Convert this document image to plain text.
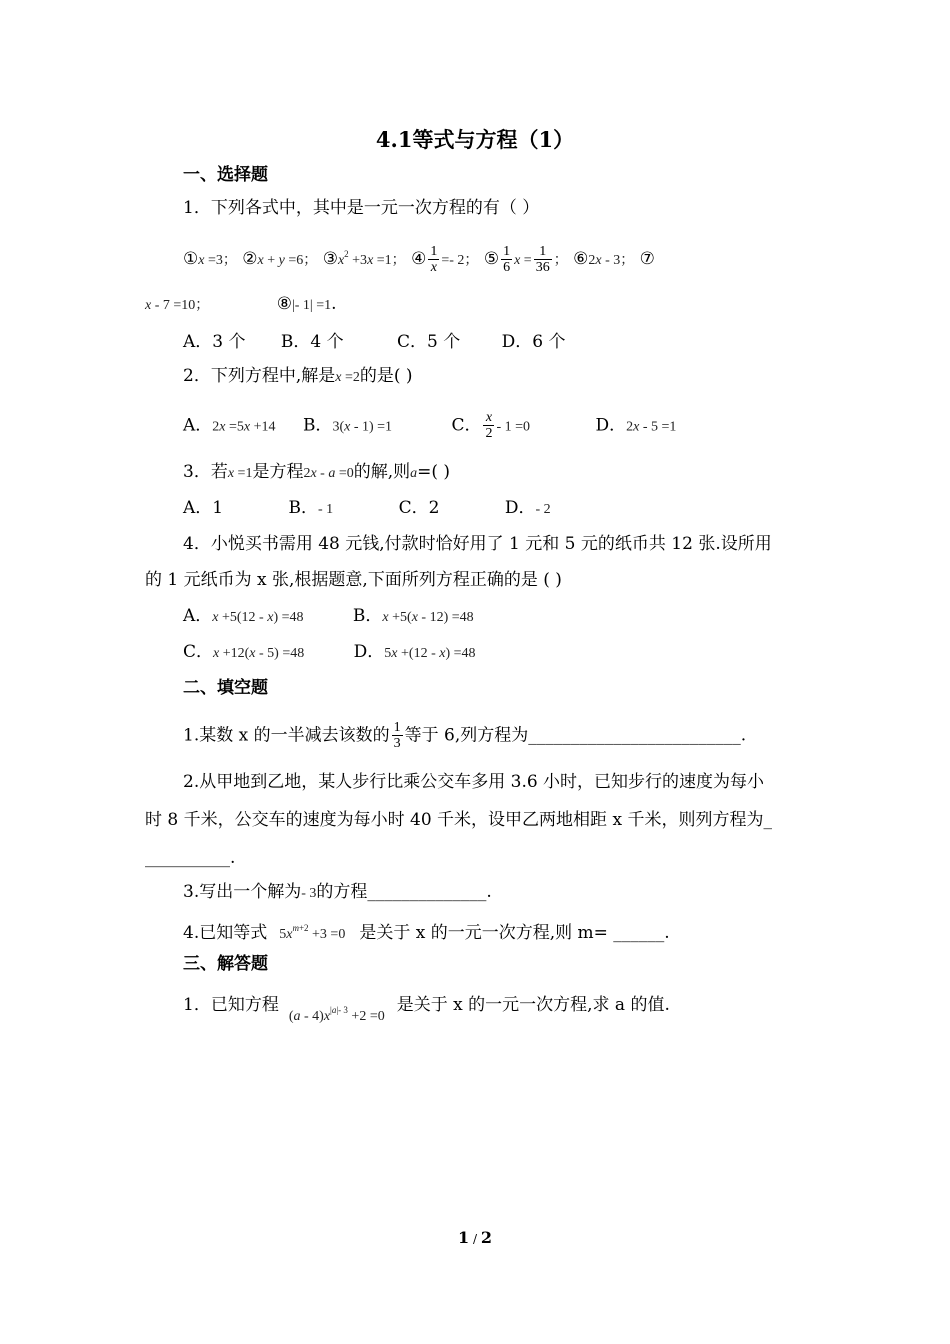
4.1等式与方程（1）
一、选择题
1．下列各式中，其中是一元一次方程的有（ ）
①x =3； ②x + y =6； $③x^2 +3x =1$； ④ $\frac{1}{x} =- 2$； ⑤ $\frac{1}{6}$ $x = \frac{1}{36}$ ； ⑥2x - 3； ⑦
x - 7 =10；	⑧|- 1| =1.
A．3 个 B．4 个	C．5 个 D．6 个
2．下列方程中,解是x =2的是( )
A．2x =5x +14 B．3(x - 1) =1	C． $\frac{x}{2} - 1 =0$	D．2x - 5 =1
3．若x =1是方程2x - a =0的解,则a=( )
A．1	B．- 1	C．2	D．- 2
4．小悦买书需用 48 元钱,付款时恰好用了 1 元和 5 元的纸币共 12 张.设所用
的 1 元纸币为 x 张,根据题意,下面所列方程正确的是 ( )
A．x +5(12 - x) =48	B．x +5(x - 12) =48
C．x +12(x - 5) =48	D．5x +(12 - x) =48
二、填空题
1.某数 x 的一半减去该数的 $\frac{1}{3}$ 等于 6,列方程为_________________________.
2.从甲地到乙地，某人步行比乘公交车多用 3.6 小时，已知步行的速度为每小
时 8 千米，公交车的速度为每小时 40 千米，设甲乙两地相距 x 千米，则列方程为_
__________.
3.写出一个解为- 3的方程______________.
4.已知等式 $5x^{m+2} +3 =0$ 是关于 x 的一元一次方程,则 m= ______.
三、解答题
1．已知方程$_{(a - 4)x^{|a|- 3} +2 =0}$是关于 x 的一元一次方程,求 a 的值.
1 / 2
